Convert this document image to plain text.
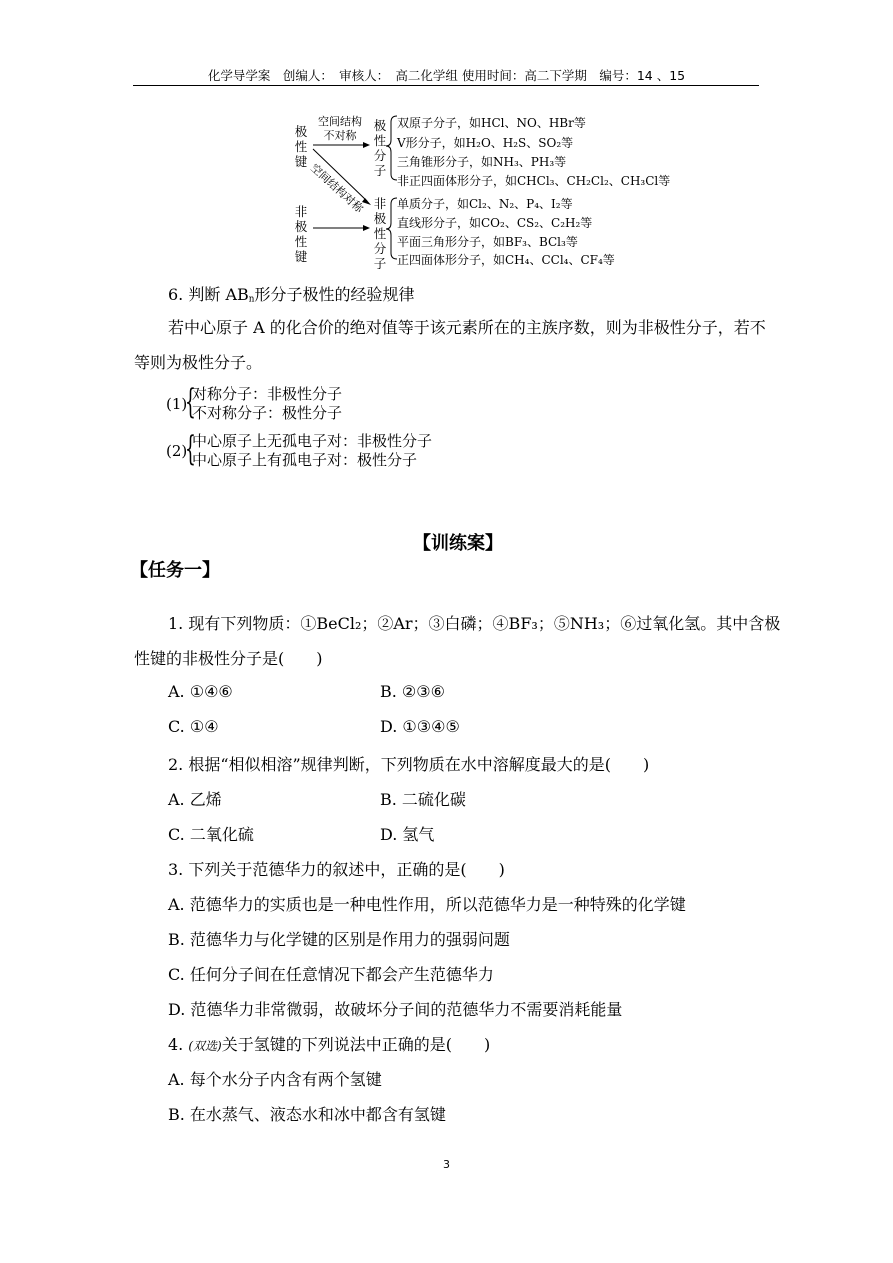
化学导学案　创编人：　审核人：　高二化学组 使用时间：高二下学期　编号：14 、15
极性键
非极性键
空间结构
不对称
空间结构对称
极性分子
非极性分子
双原子分子，如HCl、NO、HBr等
V形分子，如H₂O、H₂S、SO₂等
三角锥形分子，如NH₃、PH₃等
非正四面体形分子，如CHCl₃、CH₂Cl₂、CH₃Cl等
单质分子，如Cl₂、N₂、P₄、I₂等
直线形分子，如CO₂、CS₂、C₂H₂等
平面三角形分子，如BF₃、BCl₃等
正四面体形分子，如CH₄、CCl₄、CF₄等
6. 判断 $AB_n$形分子极性的经验规律
若中心原子 A 的化合价的绝对值等于该元素所在的主族序数，则为非极性分子，若不
等则为极性分子。
(1)
{
对称分子：非极性分子
不对称分子：极性分子
(2)
{
中心原子上无孤电子对：非极性分子
中心原子上有孤电子对：极性分子
【训练案】
【任务一】
1. 现有下列物质：①BeCl₂；②Ar；③白磷；④BF₃；⑤NH₃；⑥过氧化氢。其中含极
性键的非极性分子是(　　)
A. ①④⑥	B. ②③⑥
C. ①④	D. ①③④⑤
2. 根据“相似相溶”规律判断，下列物质在水中溶解度最大的是(　　)
A. 乙烯	B. 二硫化碳
C. 二氧化硫	D. 氢气
3. 下列关于范德华力的叙述中，正确的是(　　)
A. 范德华力的实质也是一种电性作用，所以范德华力是一种特殊的化学键
B. 范德华力与化学键的区别是作用力的强弱问题
C. 任何分子间在任意情况下都会产生范德华力
D. 范德华力非常微弱，故破坏分子间的范德华力不需要消耗能量
4. (双选)关于氢键的下列说法中正确的是(　　)
A. 每个水分子内含有两个氢键
B. 在水蒸气、液态水和冰中都含有氢键
3
